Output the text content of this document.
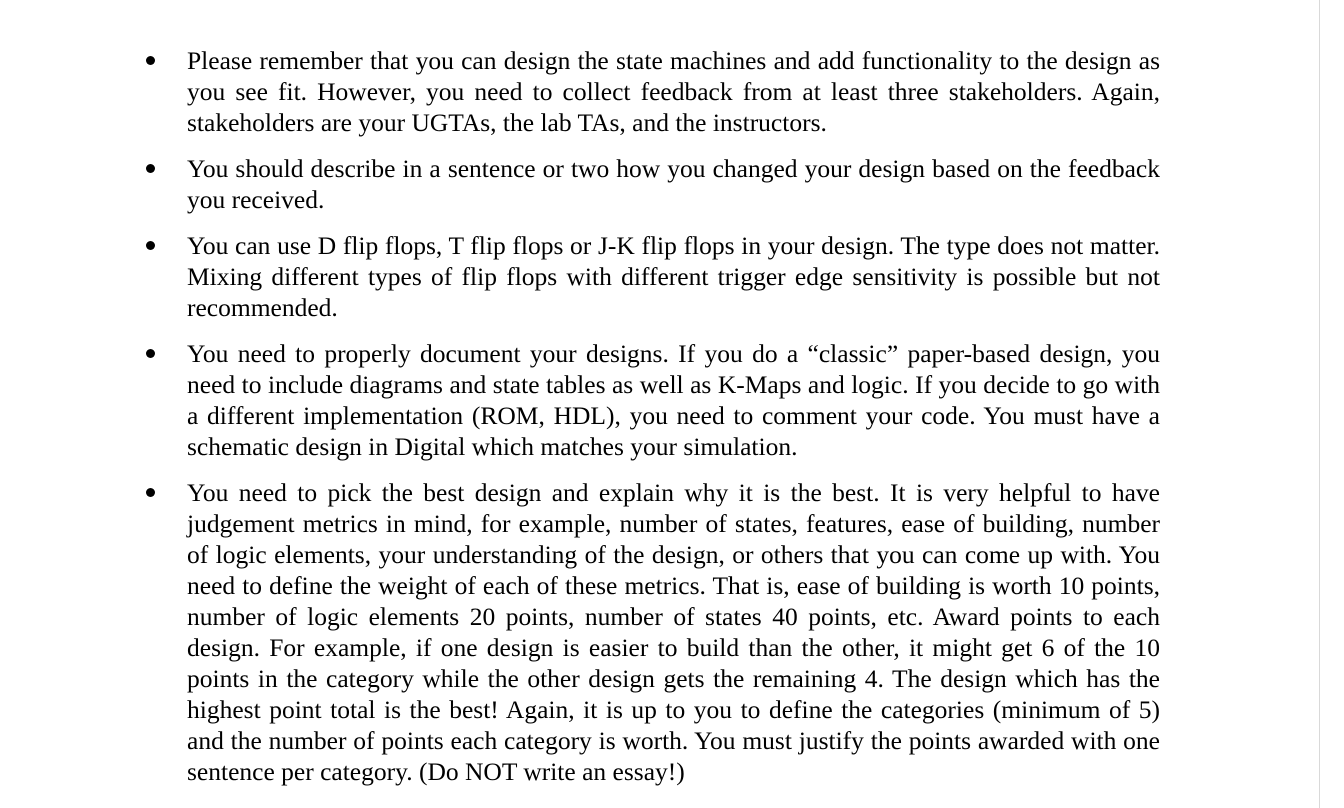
Please remember that you can design the state machines and add functionality to the design as you see fit. However, you need to collect feedback from at least three stakeholders. Again, stakeholders are your UGTAs, the lab TAs, and the instructors.
You should describe in a sentence or two how you changed your design based on the feedback you received.
You can use D flip flops, T flip flops or J-K flip flops in your design. The type does not matter. Mixing different types of flip flops with different trigger edge sensitivity is possible but not recommended.
You need to properly document your designs. If you do a “classic” paper-based design, you need to include diagrams and state tables as well as K-Maps and logic. If you decide to go with a different implementation (ROM, HDL), you need to comment your code. You must have a schematic design in Digital which matches your simulation.
You need to pick the best design and explain why it is the best. It is very helpful to have judgement metrics in mind, for example, number of states, features, ease of building, number of logic elements, your understanding of the design, or others that you can come up with. You need to define the weight of each of these metrics. That is, ease of building is worth 10 points, number of logic elements 20 points, number of states 40 points, etc. Award points to each design. For example, if one design is easier to build than the other, it might get 6 of the 10 points in the category while the other design gets the remaining 4. The design which has the highest point total is the best! Again, it is up to you to define the categories (minimum of 5) and the number of points each category is worth. You must justify the points awarded with one sentence per category. (Do NOT write an essay!)
